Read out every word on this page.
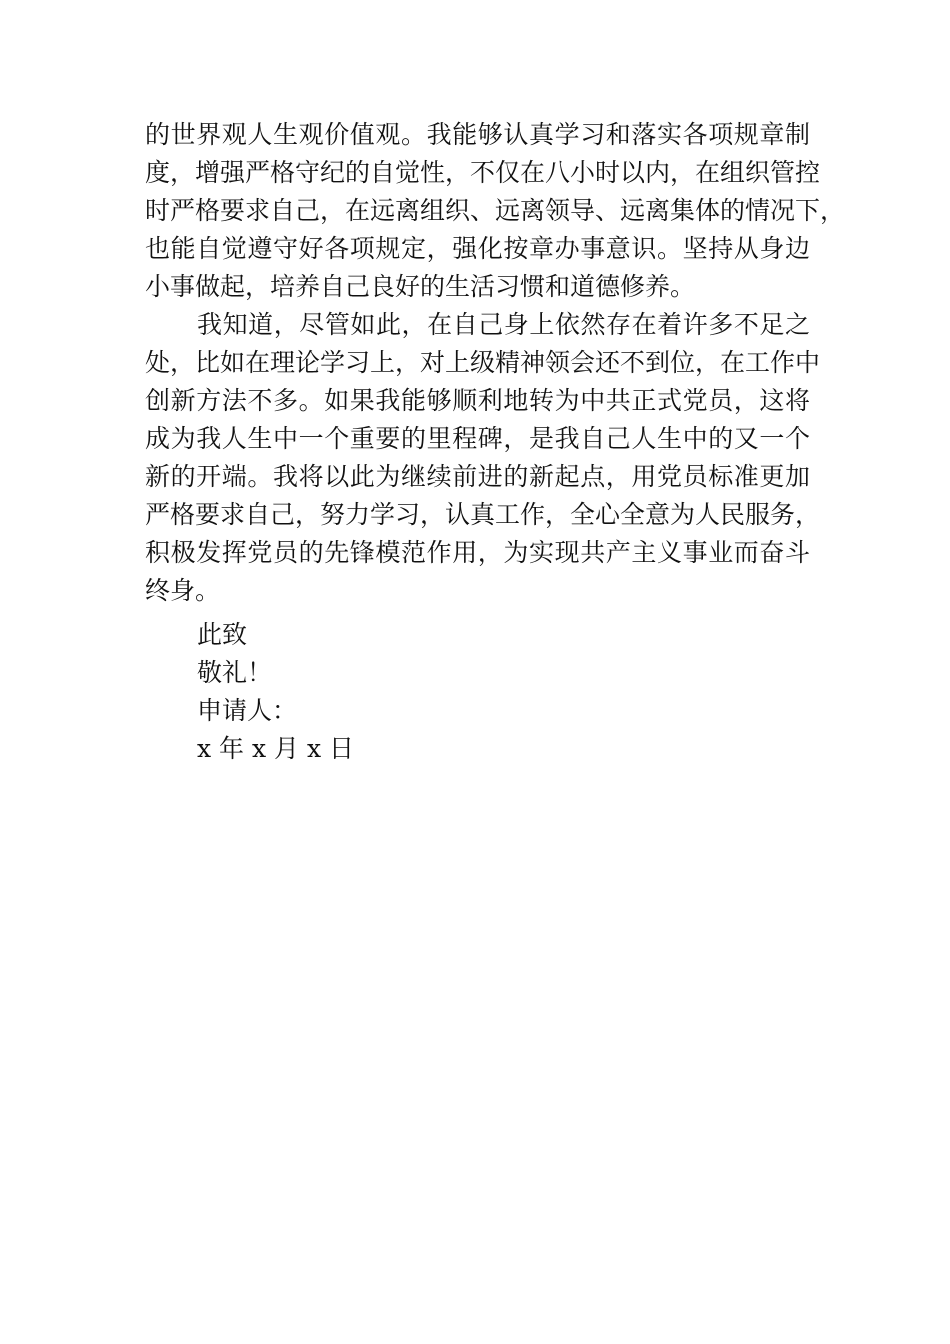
的世界观人生观价值观。我能够认真学习和落实各项规章制
度，增强严格守纪的自觉性，不仅在八小时以内，在组织管控
时严格要求自己，在远离组织、远离领导、远离集体的情况下，
也能自觉遵守好各项规定，强化按章办事意识。坚持从身边
小事做起，培养自己良好的生活习惯和道德修养。
我知道，尽管如此，在自己身上依然存在着许多不足之
处，比如在理论学习上，对上级精神领会还不到位，在工作中
创新方法不多。如果我能够顺利地转为中共正式党员，这将
成为我人生中一个重要的里程碑，是我自己人生中的又一个
新的开端。我将以此为继续前进的新起点，用党员标准更加
严格要求自己，努力学习，认真工作，全心全意为人民服务，
积极发挥党员的先锋模范作用，为实现共产主义事业而奋斗
终身。
此致
敬礼！
申请人：
x 年 x 月 x 日
